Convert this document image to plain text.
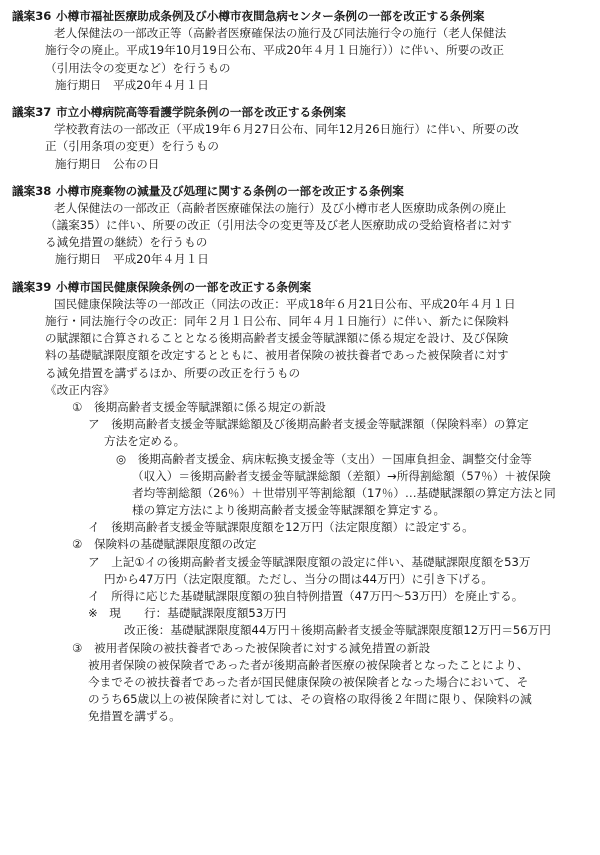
議案36 小樽市福祉医療助成条例及び小樽市夜間急病センター条例の一部を改正する条例案
老人保健法の一部改正等（高齢者医療確保法の施行及び同法施行令の施行（老人保健法
施行令の廃止。平成19年10月19日公布、平成20年４月１日施行））に伴い、所要の改正
（引用法令の変更など）を行うもの
施行期日　平成20年４月１日
議案37 市立小樽病院高等看護学院条例の一部を改正する条例案
学校教育法の一部改正（平成19年６月27日公布、同年12月26日施行）に伴い、所要の改
正（引用条項の変更）を行うもの
施行期日　公布の日
議案38 小樽市廃棄物の減量及び処理に関する条例の一部を改正する条例案
老人保健法の一部改正（高齢者医療確保法の施行）及び小樽市老人医療助成条例の廃止
（議案35）に伴い、所要の改正（引用法令の変更等及び老人医療助成の受給資格者に対す
る減免措置の継続）を行うもの
施行期日　平成20年４月１日
議案39 小樽市国民健康保険条例の一部を改正する条例案
国民健康保険法等の一部改正（同法の改正：平成18年６月21日公布、平成20年４月１日
施行・同法施行令の改正：同年２月１日公布、同年４月１日施行）に伴い、新たに保険料
の賦課額に合算されることとなる後期高齢者支援金等賦課額に係る規定を設け、及び保険
料の基礎賦課限度額を改定するとともに、被用者保険の被扶養者であった被保険者に対す
る減免措置を講ずるほか、所要の改正を行うもの
《改正内容》
①　後期高齢者支援金等賦課額に係る規定の新設
ア　後期高齢者支援金等賦課総額及び後期高齢者支援金等賦課額（保険料率）の算定
方法を定める。
◎　後期高齢者支援金、病床転換支援金等（支出）－国庫負担金、調整交付金等
（収入）＝後期高齢者支援金等賦課総額（差額）→所得割総額（57％）＋被保険
者均等割総額（26％）＋世帯別平等割総額（17％）…基礎賦課額の算定方法と同
様の算定方法により後期高齢者支援金等賦課額を算定する。
イ　後期高齢者支援金等賦課限度額を12万円（法定限度額）に設定する。
②　保険料の基礎賦課限度額の改定
ア　上記①イの後期高齢者支援金等賦課限度額の設定に伴い、基礎賦課限度額を53万
円から47万円（法定限度額。ただし、当分の間は44万円）に引き下げる。
イ　所得に応じた基礎賦課限度額の独自特例措置（47万円～53万円）を廃止する。
※　現　　行：基礎賦課限度額53万円
改正後：基礎賦課限度額44万円＋後期高齢者支援金等賦課限度額12万円＝56万円
③　被用者保険の被扶養者であった被保険者に対する減免措置の新設
被用者保険の被保険者であった者が後期高齢者医療の被保険者となったことにより、
今までその被扶養者であった者が国民健康保険の被保険者となった場合において、そ
のうち65歳以上の被保険者に対しては、その資格の取得後２年間に限り、保険料の減
免措置を講ずる。
